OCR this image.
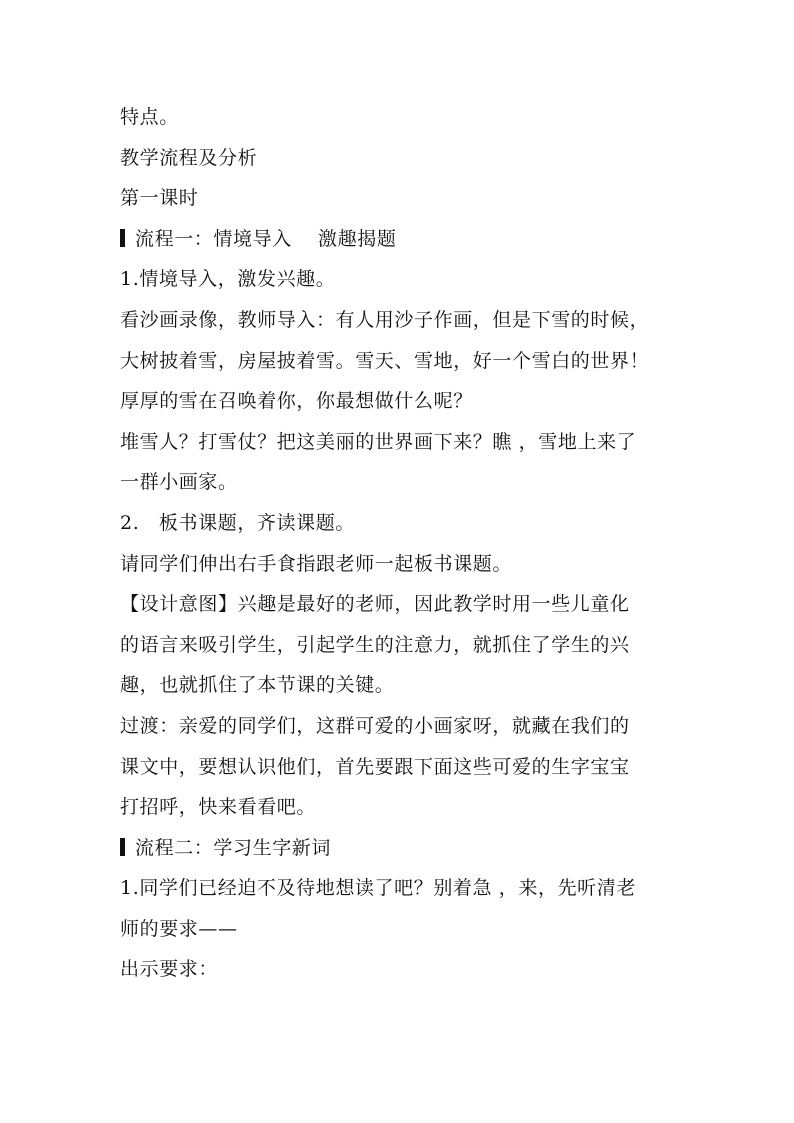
特点。
教学流程及分析
第一课时
流程一：情境导入　 激趣揭题
1.情境导入，激发兴趣。
看沙画录像，教师导入：有人用沙子作画，但是下雪的时候，
大树披着雪，房屋披着雪。雪天、雪地，好一个雪白的世界！
厚厚的雪在召唤着你，你最想做什么呢？
堆雪人？打雪仗？把这美丽的世界画下来？瞧 ，雪地上来了
一群小画家。
2.　板书课题，齐读课题。
请同学们伸出右手食指跟老师一起板书课题。
【设计意图】兴趣是最好的老师，因此教学时用一些儿童化
的语言来吸引学生，引起学生的注意力，就抓住了学生的兴
趣，也就抓住了本节课的关键。
过渡：亲爱的同学们，这群可爱的小画家呀，就藏在我们的
课文中，要想认识他们，首先要跟下面这些可爱的生字宝宝
打招呼，快来看看吧。
流程二：学习生字新词
1.同学们已经迫不及待地想读了吧？别着急 ，来，先听清老
师的要求——
出示要求：
